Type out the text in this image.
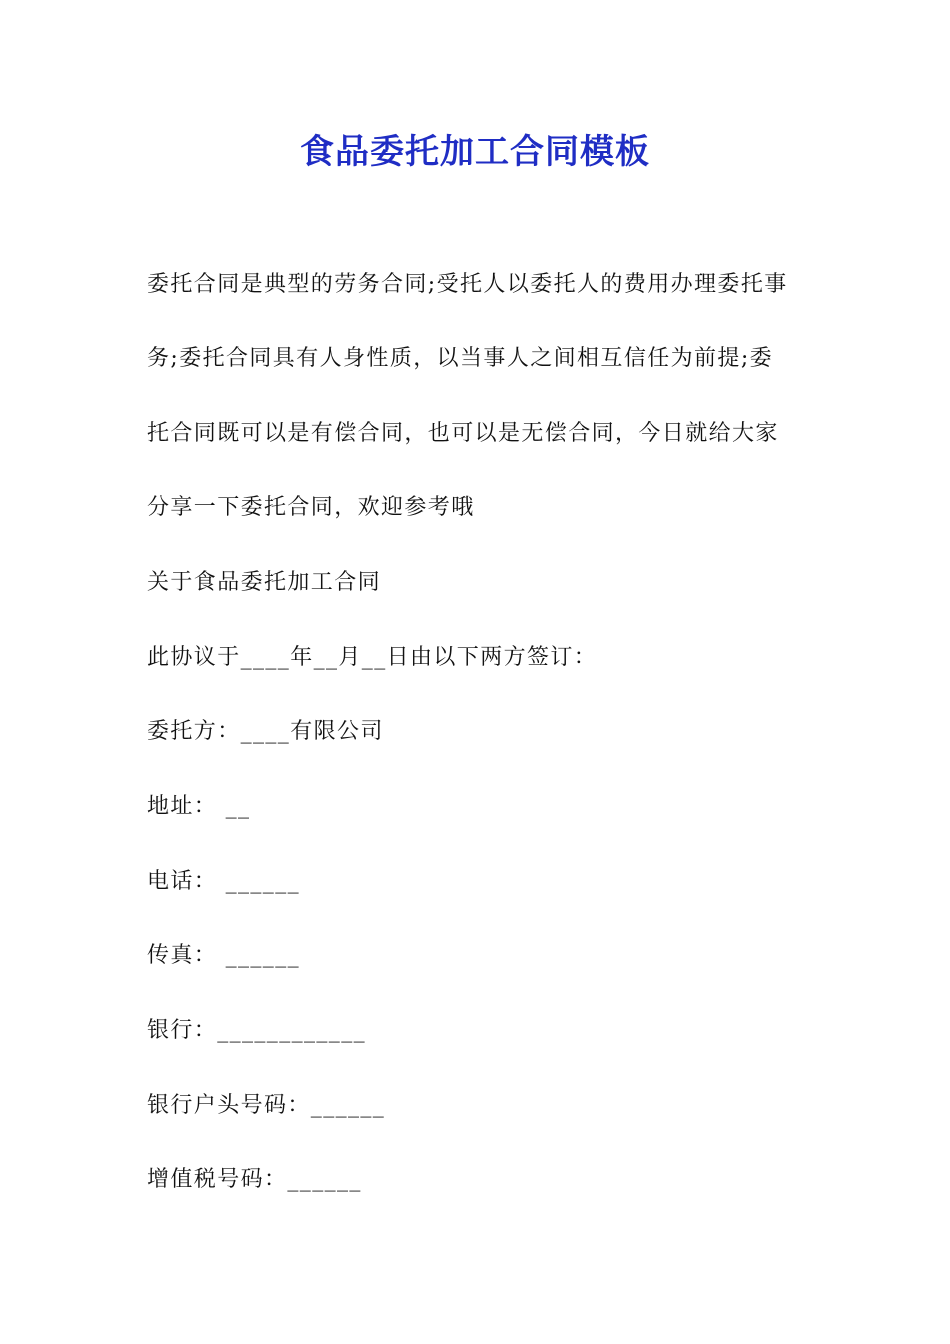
食品委托加工合同模板
委托合同是典型的劳务合同;受托人以委托人的费用办理委托事
务;委托合同具有人身性质，以当事人之间相互信任为前提;委
托合同既可以是有偿合同，也可以是无偿合同，今日就给大家
分享一下委托合同，欢迎参考哦
关于食品委托加工合同
此协议于____年__月__日由以下两方签订：
委托方：____有限公司
地址： __
电话： ______
传真： ______
银行：____________
银行户头号码：______
增值税号码：______
